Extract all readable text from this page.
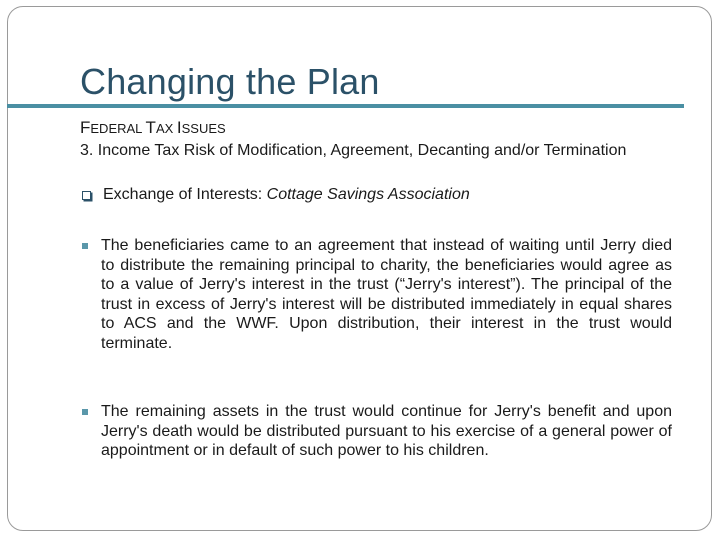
Changing the Plan
FEDERAL TAX ISSUES
3. Income Tax Risk of Modification, Agreement, Decanting and/or Termination
Exchange of Interests:
Cottage Savings Association
The beneficiaries came to an agreement that instead of waiting until Jerry died to distribute the remaining principal to charity, the beneficiaries would agree as to a value of Jerry's interest in the trust (“Jerry's interest”). The principal of the trust in excess of Jerry's interest will be distributed immediately in equal shares to ACS and the WWF. Upon distribution, their interest in the trust would terminate.
The remaining assets in the trust would continue for Jerry's benefit and upon Jerry's death would be distributed pursuant to his exercise of a general power of appointment or in default of such power to his children.
